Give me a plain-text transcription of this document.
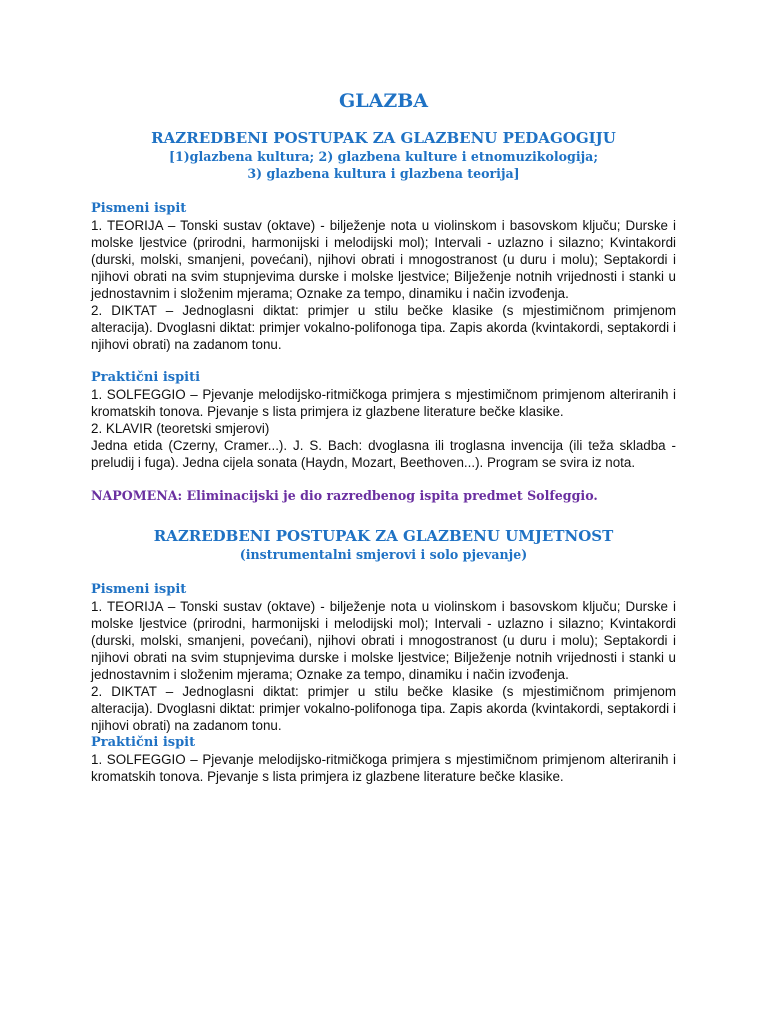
GLAZBA

RAZREDBENI POSTUPAK ZA GLAZBENU PEDAGOGIJU

[1)glazbena kultura; 2) glazbena kulture i etnomuzikologija;

3) glazbena kultura i glazbena teorija]

Pismeni ispit

1. TEORIJA – Tonski sustav (oktave) - bilježenje nota u violinskom i basovskom ključu; Durske i molske ljestvice (prirodni, harmonijski i melodijski mol); Intervali - uzlazno i silazno; Kvintakordi (durski, molski, smanjeni, povećani), njihovi obrati i mnogostranost (u duru i molu); Septakordi i njihovi obrati na svim stupnjevima durske i molske ljestvice; Bilježenje notnih vrijednosti i stanki u jednostavnim i složenim mjerama; Oznake za tempo, dinamiku i način izvođenja.

2. DIKTAT – Jednoglasni diktat: primjer u stilu bečke klasike (s mjestimičnom primjenom alteracija). Dvoglasni diktat: primjer vokalno-polifonoga tipa. Zapis akorda (kvintakordi, septakordi i njihovi obrati) na zadanom tonu.

Praktični ispiti

1. SOLFEGGIO – Pjevanje melodijsko-ritmičkoga primjera s mjestimičnom primjenom alteriranih i kromatskih tonova. Pjevanje s lista primjera iz glazbene literature bečke klasike.

2. KLAVIR (teoretski smjerovi)

Jedna etida (Czerny, Cramer...). J. S. Bach: dvoglasna ili troglasna invencija (ili teža skladba - preludij i fuga). Jedna cijela sonata (Haydn, Mozart, Beethoven...). Program se svira iz nota.

NAPOMENA: Eliminacijski je dio razredbenog ispita predmet Solfeggio.

RAZREDBENI POSTUPAK ZA GLAZBENU UMJETNOST

(instrumentalni smjerovi i solo pjevanje)

Pismeni ispit

1. TEORIJA – Tonski sustav (oktave) - bilježenje nota u violinskom i basovskom ključu; Durske i molske ljestvice (prirodni, harmonijski i melodijski mol); Intervali - uzlazno i silazno; Kvintakordi (durski, molski, smanjeni, povećani), njihovi obrati i mnogostranost (u duru i molu); Septakordi i njihovi obrati na svim stupnjevima durske i molske ljestvice; Bilježenje notnih vrijednosti i stanki u jednostavnim i složenim mjerama; Oznake za tempo, dinamiku i način izvođenja.

2. DIKTAT – Jednoglasni diktat: primjer u stilu bečke klasike (s mjestimičnom primjenom alteracija). Dvoglasni diktat: primjer vokalno-polifonoga tipa. Zapis akorda (kvintakordi, septakordi i njihovi obrati) na zadanom tonu.

Praktični ispit

1. SOLFEGGIO – Pjevanje melodijsko-ritmičkoga primjera s mjestimičnom primjenom alteriranih i kromatskih tonova. Pjevanje s lista primjera iz glazbene literature bečke klasike.
